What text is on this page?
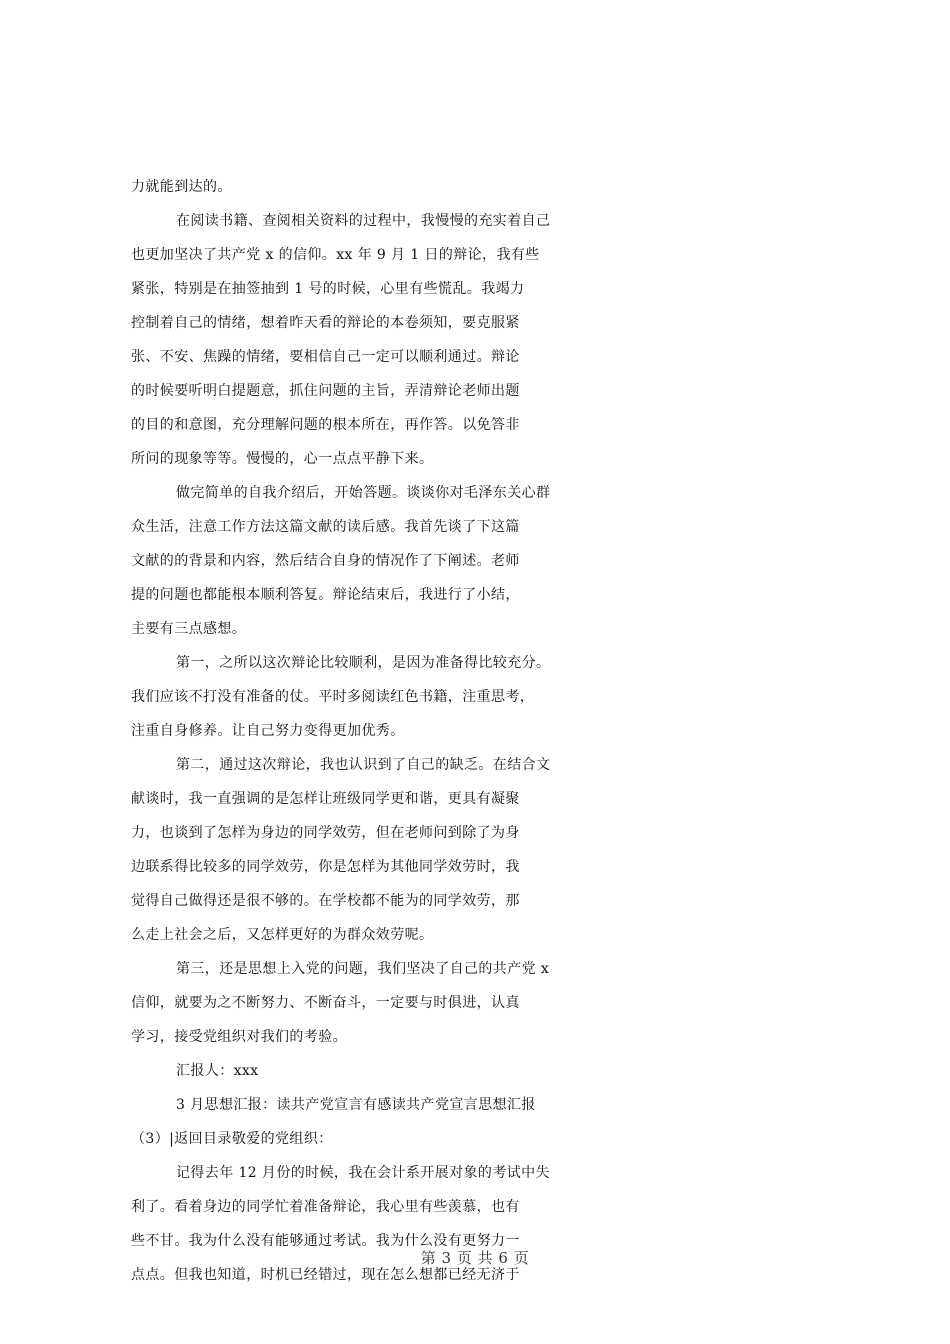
力就能到达的。
在阅读书籍、查阅相关资料的过程中，我慢慢的充实着自己
也更加坚决了共产党 x 的信仰。xx 年 9 月 1 日的辩论，我有些
紧张，特别是在抽签抽到 1 号的时候，心里有些慌乱。我竭力
控制着自己的情绪，想着昨天看的辩论的本卷须知，要克服紧
张、不安、焦躁的情绪，要相信自己一定可以顺利通过。辩论
的时候要听明白提题意，抓住问题的主旨，弄清辩论老师出题
的目的和意图，充分理解问题的根本所在，再作答。以免答非
所问的现象等等。慢慢的，心一点点平静下来。
做完简单的自我介绍后，开始答题。谈谈你对毛泽东关心群
众生活，注意工作方法这篇文献的读后感。我首先谈了下这篇
文献的的背景和内容，然后结合自身的情况作了下阐述。老师
提的问题也都能根本顺利答复。辩论结束后，我进行了小结，
主要有三点感想。
第一，之所以这次辩论比较顺利，是因为准备得比较充分。
我们应该不打没有准备的仗。平时多阅读红色书籍，注重思考，
注重自身修养。让自己努力变得更加优秀。
第二，通过这次辩论，我也认识到了自己的缺乏。在结合文
献谈时，我一直强调的是怎样让班级同学更和谐，更具有凝聚
力，也谈到了怎样为身边的同学效劳，但在老师问到除了为身
边联系得比较多的同学效劳，你是怎样为其他同学效劳时，我
觉得自己做得还是很不够的。在学校都不能为的同学效劳，那
么走上社会之后，又怎样更好的为群众效劳呢。
第三，还是思想上入党的问题，我们坚决了自己的共产党 x
信仰，就要为之不断努力、不断奋斗，一定要与时俱进，认真
学习，接受党组织对我们的考验。
汇报人：xxx
3 月思想汇报：读共产党宣言有感读共产党宣言思想汇报
（3）|返回目录敬爱的党组织：
记得去年 12 月份的时候，我在会计系开展对象的考试中失
利了。看着身边的同学忙着准备辩论，我心里有些羡慕，也有
些不甘。我为什么没有能够通过考试。我为什么没有更努力一
点点。但我也知道，时机已经错过，现在怎么想都已经无济于
第 3 页 共 6 页
